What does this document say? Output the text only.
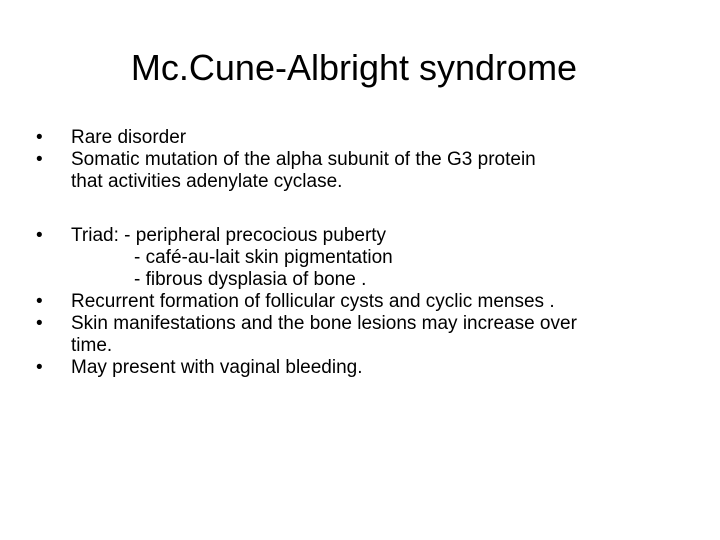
Mc.Cune-Albright syndrome
•	Rare disorder
•	Somatic mutation of the alpha subunit of the G3 protein
that activities adenylate cyclase.
•	Triad: - peripheral precocious puberty
- café-au-lait skin pigmentation
- fibrous dysplasia of bone .
•	Recurrent formation of follicular cysts and cyclic menses .
•	Skin manifestations and the bone lesions may increase over
time.
•	May present with vaginal bleeding.
